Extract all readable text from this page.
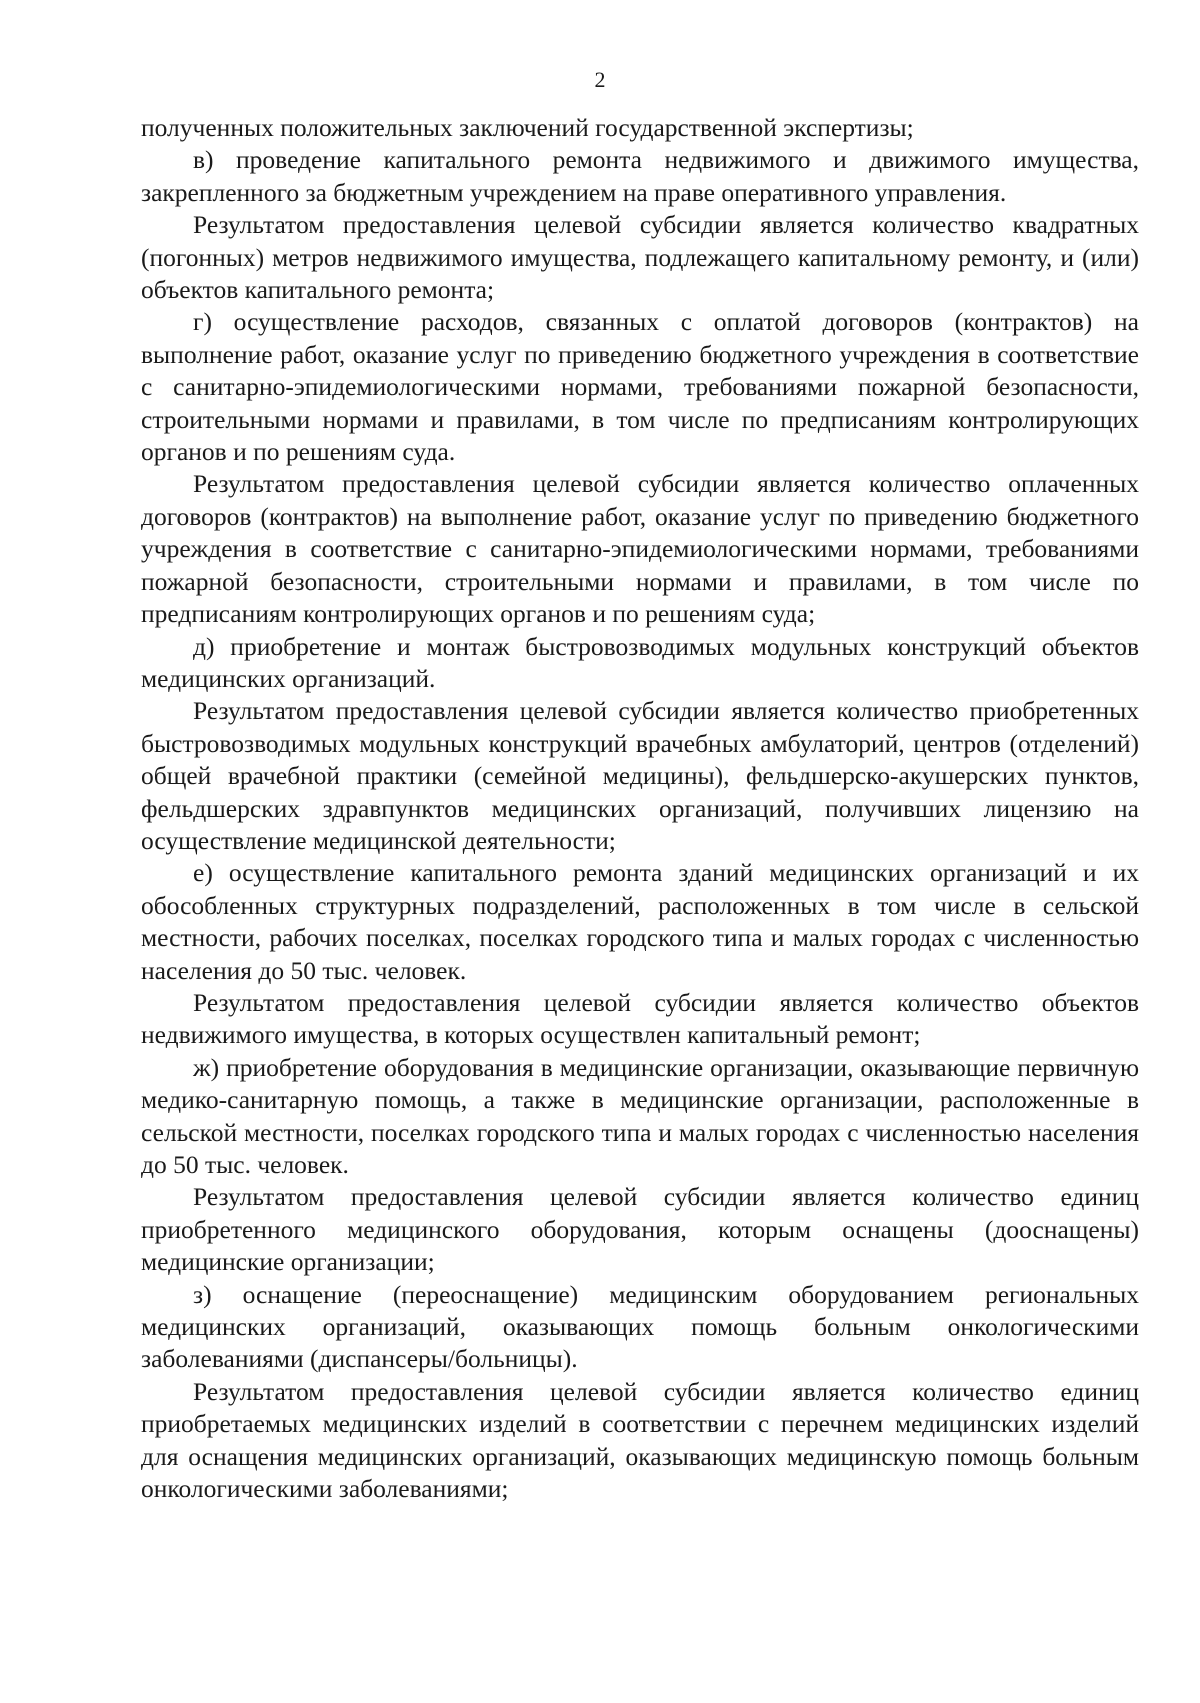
2

полученных положительных заключений государственной экспертизы;

в) проведение капитального ремонта недвижимого и движимого имущества, закрепленного за бюджетным учреждением на праве оперативного управления.

Результатом предоставления целевой субсидии является количество квадратных (погонных) метров недвижимого имущества, подлежащего капитальному ремонту, и (или) объектов капитального ремонта;

г) осуществление расходов, связанных с оплатой договоров (контрактов) на выполнение работ, оказание услуг по приведению бюджетного учреждения в соответствие с санитарно-эпидемиологическими нормами, требованиями пожарной безопасности, строительными нормами и правилами, в том числе по предписаниям контролирующих органов и по решениям суда.

Результатом предоставления целевой субсидии является количество оплаченных договоров (контрактов) на выполнение работ, оказание услуг по приведению бюджетного учреждения в соответствие с санитарно-эпидемиологическими нормами, требованиями пожарной безопасности, строительными нормами и правилами, в том числе по предписаниям контролирующих органов и по решениям суда;

д) приобретение и монтаж быстровозводимых модульных конструкций объектов медицинских организаций.

Результатом предоставления целевой субсидии является количество приобретенных быстровозводимых модульных конструкций врачебных амбулаторий, центров (отделений) общей врачебной практики (семейной медицины), фельдшерско-акушерских пунктов, фельдшерских здравпунктов медицинских организаций, получивших лицензию на осуществление медицинской деятельности;

е) осуществление капитального ремонта зданий медицинских организаций и их обособленных структурных подразделений, расположенных в том числе в сельской местности, рабочих поселках, поселках городского типа и малых городах с численностью населения до 50 тыс. человек.

Результатом предоставления целевой субсидии является количество объектов недвижимого имущества, в которых осуществлен капитальный ремонт;

ж) приобретение оборудования в медицинские организации, оказывающие первичную медико-санитарную помощь, а также в медицинские организации, расположенные в сельской местности, поселках городского типа и малых городах с численностью населения до 50 тыс. человек.

Результатом предоставления целевой субсидии является количество единиц приобретенного медицинского оборудования, которым оснащены (дооснащены) медицинские организации;

з) оснащение (переоснащение) медицинским оборудованием региональных медицинских организаций, оказывающих помощь больным онкологическими заболеваниями (диспансеры/больницы).

Результатом предоставления целевой субсидии является количество единиц приобретаемых медицинских изделий в соответствии с перечнем медицинских изделий для оснащения медицинских организаций, оказывающих медицинскую помощь больным онкологическими заболеваниями;
